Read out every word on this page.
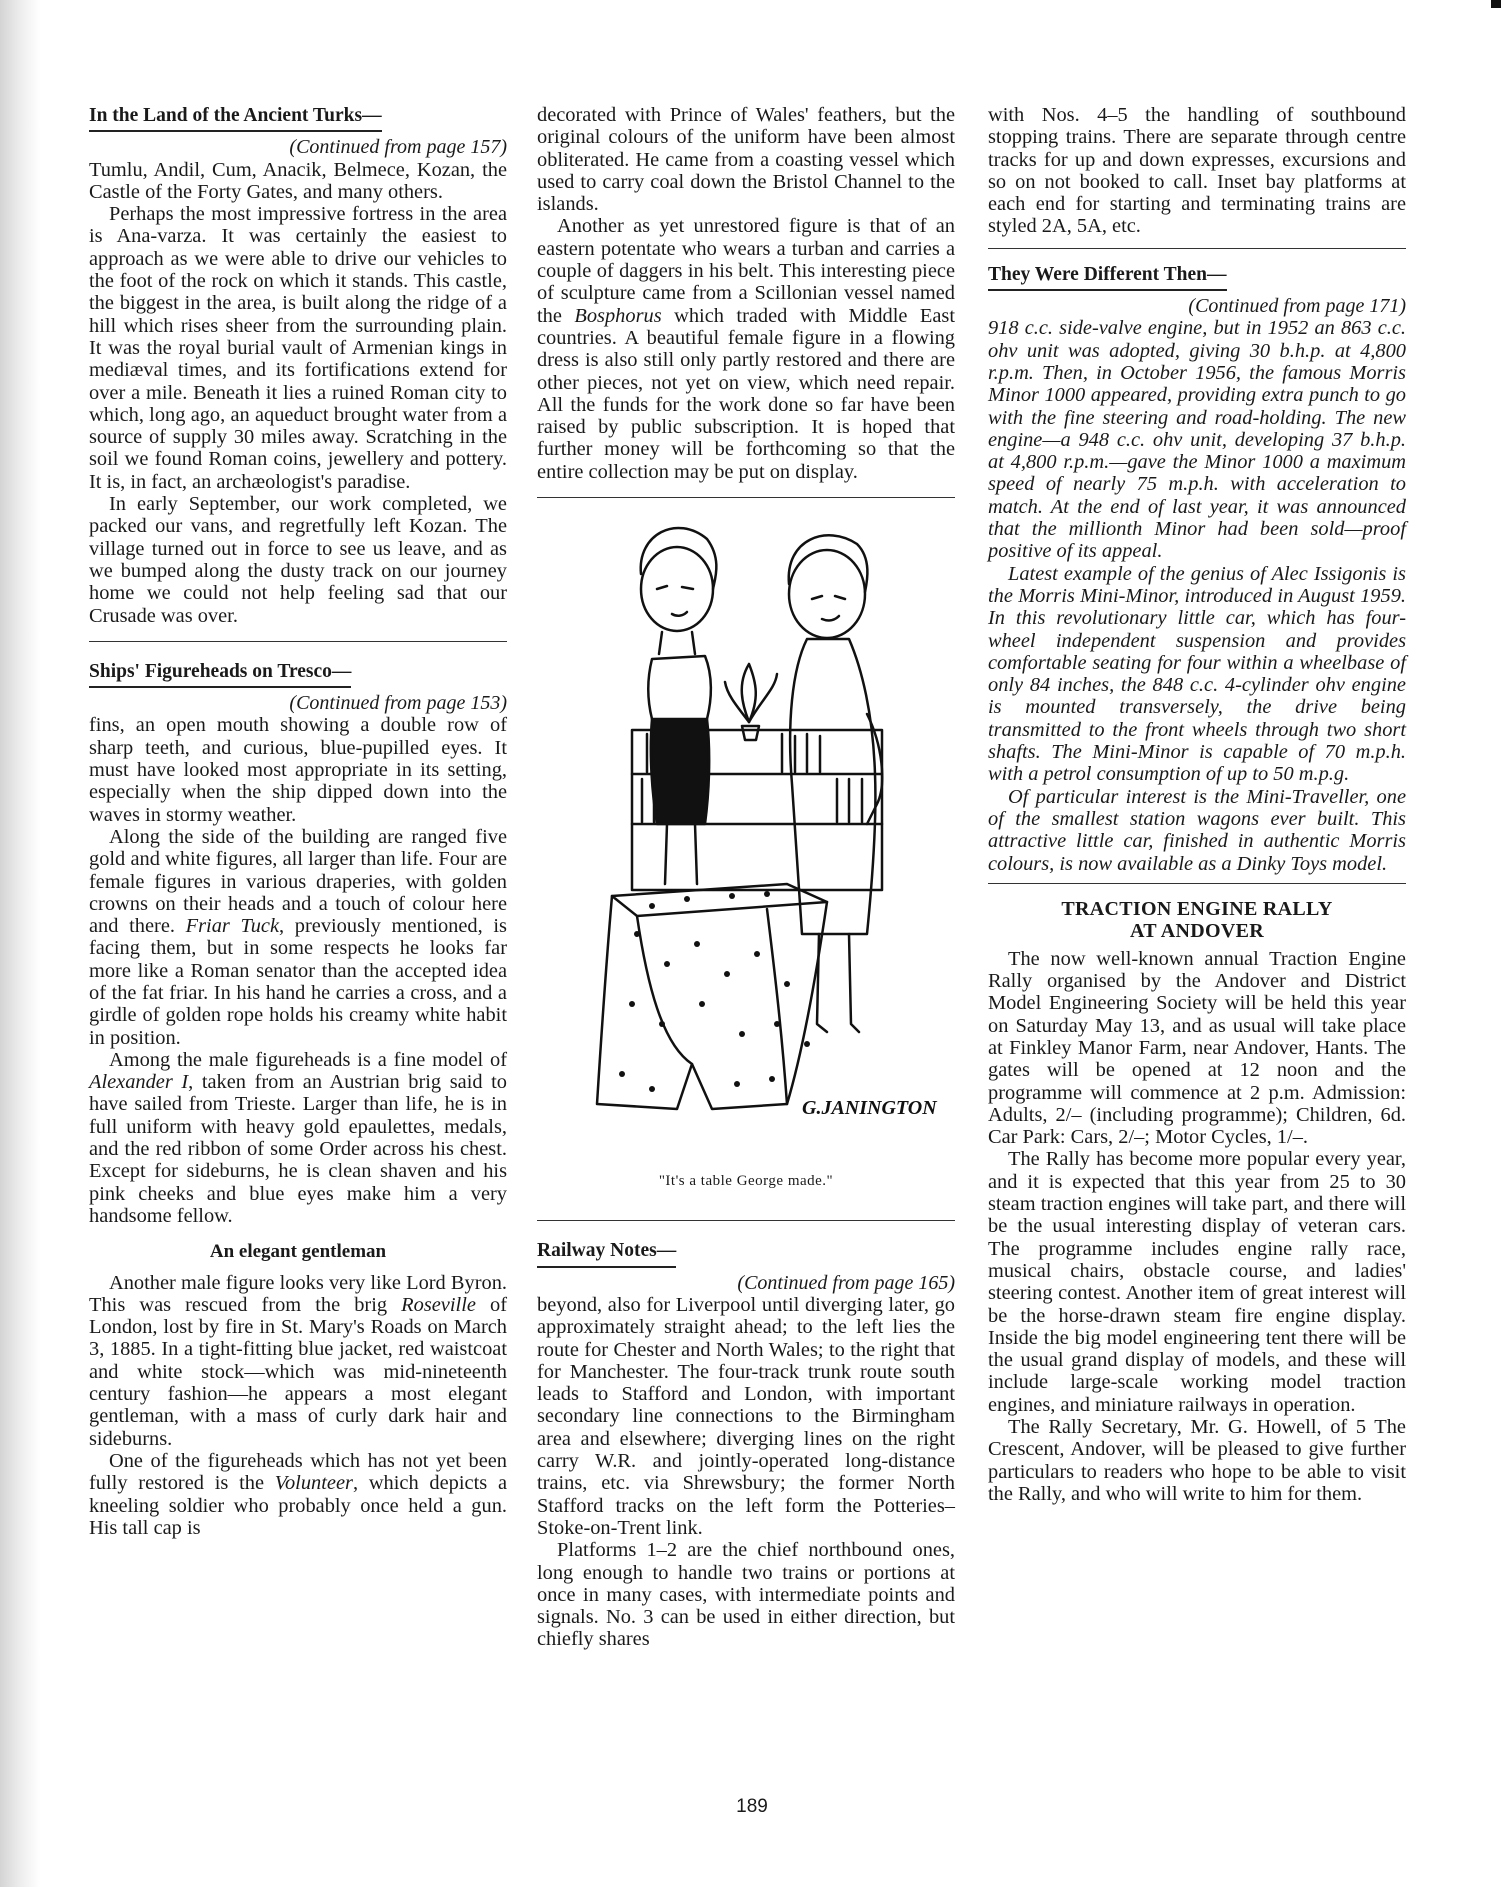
In the Land of the Ancient Turks—
(Continued from page 157)

Tumlu, Andil, Cum, Anacik, Belmece, Kozan, the Castle of the Forty Gates, and many others.

Perhaps the most impressive fortress in the area is Ana-varza. It was certainly the easiest to approach as we were able to drive our vehicles to the foot of the rock on which it stands. This castle, the biggest in the area, is built along the ridge of a hill which rises sheer from the surrounding plain. It was the royal burial vault of Armenian kings in mediæval times, and its fortifications extend for over a mile. Beneath it lies a ruined Roman city to which, long ago, an aqueduct brought water from a source of supply 30 miles away. Scratching in the soil we found Roman coins, jewellery and pottery. It is, in fact, an archæologist's paradise.

In early September, our work completed, we packed our vans, and regretfully left Kozan. The village turned out in force to see us leave, and as we bumped along the dusty track on our journey home we could not help feeling sad that our Crusade was over.

Ships' Figureheads on Tresco—
(Continued from page 153)

fins, an open mouth showing a double row of sharp teeth, and curious, blue-pupilled eyes. It must have looked most appropriate in its setting, especially when the ship dipped down into the waves in stormy weather.

Along the side of the building are ranged five gold and white figures, all larger than life. Four are female figures in various draperies, with golden crowns on their heads and a touch of colour here and there. Friar Tuck, previously mentioned, is facing them, but in some respects he looks far more like a Roman senator than the accepted idea of the fat friar. In his hand he carries a cross, and a girdle of golden rope holds his creamy white habit in position.

Among the male figureheads is a fine model of Alexander I, taken from an Austrian brig said to have sailed from Trieste. Larger than life, he is in full uniform with heavy gold epaulettes, medals, and the red ribbon of some Order across his chest. Except for sideburns, he is clean shaven and his pink cheeks and blue eyes make him a very handsome fellow.

An elegant gentleman

Another male figure looks very like Lord Byron. This was rescued from the brig Roseville of London, lost by fire in St. Mary's Roads on March 3, 1885. In a tight-fitting blue jacket, red waistcoat and white stock—which was mid-nineteenth century fashion—he appears a most elegant gentleman, with a mass of curly dark hair and sideburns.

One of the figureheads which has not yet been fully restored is the Volunteer, which depicts a kneeling soldier who probably once held a gun. His tall cap is

decorated with Prince of Wales' feathers, but the original colours of the uniform have been almost obliterated. He came from a coasting vessel which used to carry coal down the Bristol Channel to the islands.

Another as yet unrestored figure is that of an eastern potentate who wears a turban and carries a couple of daggers in his belt. This interesting piece of sculpture came from a Scillonian vessel named the Bosphorus which traded with Middle East countries. A beautiful female figure in a flowing dress is also still only partly restored and there are other pieces, not yet on view, which need repair. All the funds for the work done so far have been raised by public subscription. It is hoped that further money will be forthcoming so that the entire collection may be put on display.

G.JANINGTON
"It's a table George made."
Railway Notes—
(Continued from page 165)

beyond, also for Liverpool until diverging later, go approximately straight ahead; to the left lies the route for Chester and North Wales; to the right that for Manchester. The four-track trunk route south leads to Stafford and London, with important secondary line connections to the Birmingham area and elsewhere; diverging lines on the right carry W.R. and jointly-operated long-distance trains, etc. via Shrewsbury; the former North Stafford tracks on the left form the Potteries–Stoke-on-Trent link.

Platforms 1–2 are the chief northbound ones, long enough to handle two trains or portions at once in many cases, with intermediate points and signals. No. 3 can be used in either direction, but chiefly shares

with Nos. 4–5 the handling of southbound stopping trains. There are separate through centre tracks for up and down expresses, excursions and so on not booked to call. Inset bay platforms at each end for starting and terminating trains are styled 2A, 5A, etc.

They Were Different Then—
(Continued from page 171)

918 c.c. side-valve engine, but in 1952 an 863 c.c. ohv unit was adopted, giving 30 b.h.p. at 4,800 r.p.m. Then, in October 1956, the famous Morris Minor 1000 appeared, providing extra punch to go with the fine steering and road-holding. The new engine—a 948 c.c. ohv unit, developing 37 b.h.p. at 4,800 r.p.m.—gave the Minor 1000 a maximum speed of nearly 75 m.p.h. with acceleration to match. At the end of last year, it was announced that the millionth Minor had been sold—proof positive of its appeal.

Latest example of the genius of Alec Issigonis is the Morris Mini-Minor, introduced in August 1959. In this revolutionary little car, which has four-wheel independent suspension and provides comfortable seating for four within a wheelbase of only 84 inches, the 848 c.c. 4-cylinder ohv engine is mounted transversely, the drive being transmitted to the front wheels through two short shafts. The Mini-Minor is capable of 70 m.p.h. with a petrol consumption of up to 50 m.p.g.

Of particular interest is the Mini-Traveller, one of the smallest station wagons ever built. This attractive little car, finished in authentic Morris colours, is now available as a Dinky Toys model.

TRACTION ENGINE RALLY
AT ANDOVER

The now well-known annual Traction Engine Rally organised by the Andover and District Model Engineering Society will be held this year on Saturday May 13, and as usual will take place at Finkley Manor Farm, near Andover, Hants. The gates will be opened at 12 noon and the programme will commence at 2 p.m. Admission: Adults, 2/– (including programme); Children, 6d. Car Park: Cars, 2/–; Motor Cycles, 1/–.

The Rally has become more popular every year, and it is expected that this year from 25 to 30 steam traction engines will take part, and there will be the usual interesting display of veteran cars. The programme includes engine rally race, musical chairs, obstacle course, and ladies' steering contest. Another item of great interest will be the horse-drawn steam fire engine display. Inside the big model engineering tent there will be the usual grand display of models, and these will include large-scale working model traction engines, and miniature railways in operation.

The Rally Secretary, Mr. G. Howell, of 5 The Crescent, Andover, will be pleased to give further particulars to readers who hope to be able to visit the Rally, and who will write to him for them.

189
